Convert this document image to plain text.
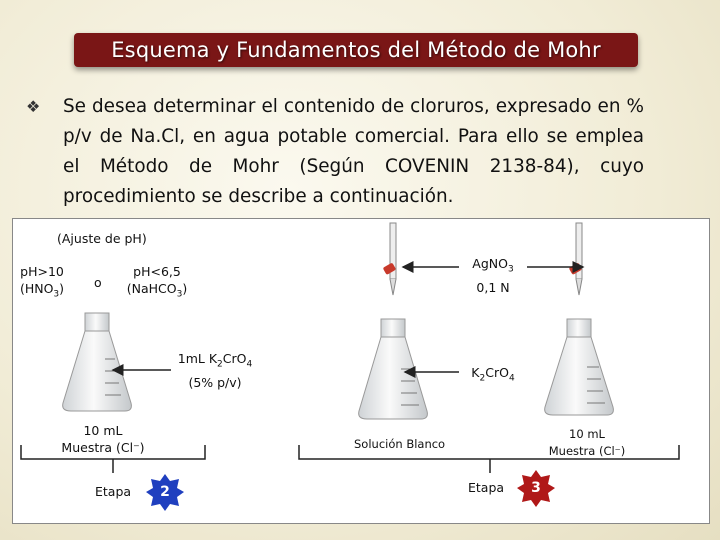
Esquema y Fundamentos del Método de Mohr
❖ Se desea determinar el contenido de cloruros, expresado en % p/v de Na.Cl, en agua potable comercial. Para ello se emplea el Método de Mohr (Según COVENIN 2138-84), cuyo procedimiento se describe a continuación.
(Ajuste de pH)
pH>10
$(HNO_3)$ o
pH<6,5
(NaHCO$_3$)
1mL $K_2CrO_4$
(5% p/v)
10 mL
Muestra (Cl⁻)
Etapa	2
AgNO$_3$
0,1 N
$K_2CrO_4$
Solución Blanco
10 mL
Muestra (Cl⁻)
Etapa	3
